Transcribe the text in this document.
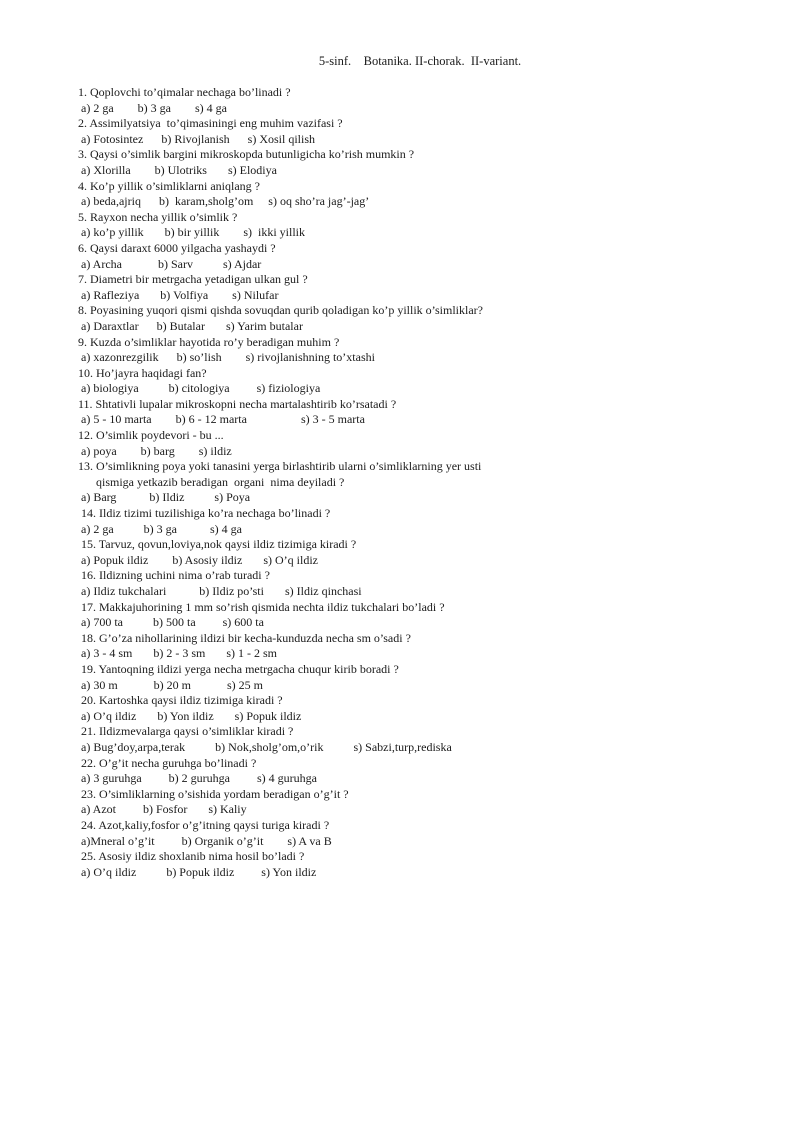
5-sinf.    Botanika. II-chorak.  II-variant.
1. Qoplovchi to’qimalar nechaga bo’linadi ?
a) 2 ga        b) 3 ga        s) 4 ga
2. Assimilyatsiya  to’qimasiningi eng muhim vazifasi ?
a) Fotosintez      b) Rivojlanish      s) Xosil qilish
3. Qaysi o’simlik bargini mikroskopda butunligicha ko’rish mumkin ?
a) Xlorilla        b) Ulotriks       s) Elodiya
4. Ko’p yillik o’simliklarni aniqlang ?
a) beda,ajriq      b)  karam,sholg’om     s) oq sho’ra jag’-jag’
5. Rayxon necha yillik o’simlik ?
a) ko’p yillik       b) bir yillik        s)  ikki yillik
6. Qaysi daraxt 6000 yilgacha yashaydi ?
a) Archa            b) Sarv          s) Ajdar
7. Diametri bir metrgacha yetadigan ulkan gul ?
a) Rafleziya       b) Volfiya        s) Nilufar
8. Poyasining yuqori qismi qishda sovuqdan qurib qoladigan ko’p yillik o’simliklar?
a) Daraxtlar      b) Butalar       s) Yarim butalar
9. Kuzda o’simliklar hayotida ro’y beradigan muhim ?
a) xazonrezgilik      b) so’lish        s) rivojlanishning to’xtashi
10. Ho’jayra haqidagi fan?
a) biologiya          b) citologiya         s) fiziologiya
11. Shtativli lupalar mikroskopni necha martalashtirib ko’rsatadi ?
a) 5 - 10 marta        b) 6 - 12 marta                  s) 3 - 5 marta
12. O’simlik poydevori - bu ...
a) poya        b) barg        s) ildiz
13. O’simlikning poya yoki tanasini yerga birlashtirib ularni o’simliklarning yer usti
qismiga yetkazib beradigan  organi  nima deyiladi ?
a) Barg           b) Ildiz          s) Poya
14. Ildiz tizimi tuzilishiga ko’ra nechaga bo’linadi ?
a) 2 ga          b) 3 ga           s) 4 ga
15. Tarvuz, qovun,loviya,nok qaysi ildiz tizimiga kiradi ?
a) Popuk ildiz        b) Asosiy ildiz       s) O’q ildiz
16. Ildizning uchini nima o’rab turadi ?
a) Ildiz tukchalari           b) Ildiz po’sti       s) Ildiz qinchasi
17. Makkajuhorining 1 mm so’rish qismida nechta ildiz tukchalari bo’ladi ?
a) 700 ta          b) 500 ta         s) 600 ta
18. G’o’za nihollarining ildizi bir kecha-kunduzda necha sm o’sadi ?
a) 3 - 4 sm       b) 2 - 3 sm       s) 1 - 2 sm
19. Yantoqning ildizi yerga necha metrgacha chuqur kirib boradi ?
a) 30 m            b) 20 m            s) 25 m
20. Kartoshka qaysi ildiz tizimiga kiradi ?
a) O’q ildiz       b) Yon ildiz       s) Popuk ildiz
21. Ildizmevalarga qaysi o’simliklar kiradi ?
a) Bug’doy,arpa,terak          b) Nok,sholg’om,o’rik          s) Sabzi,turp,rediska
22. O’g’it necha guruhga bo’linadi ?
a) 3 guruhga         b) 2 guruhga         s) 4 guruhga
23. O’simliklarning o’sishida yordam beradigan o’g’it ?
a) Azot         b) Fosfor       s) Kaliy
24. Azot,kaliy,fosfor o’g’itning qaysi turiga kiradi ?
a)Mneral o’g’it         b) Organik o’g’it        s) A va B
25. Asosiy ildiz shoxlanib nima hosil bo’ladi ?
a) O’q ildiz          b) Popuk ildiz         s) Yon ildiz
